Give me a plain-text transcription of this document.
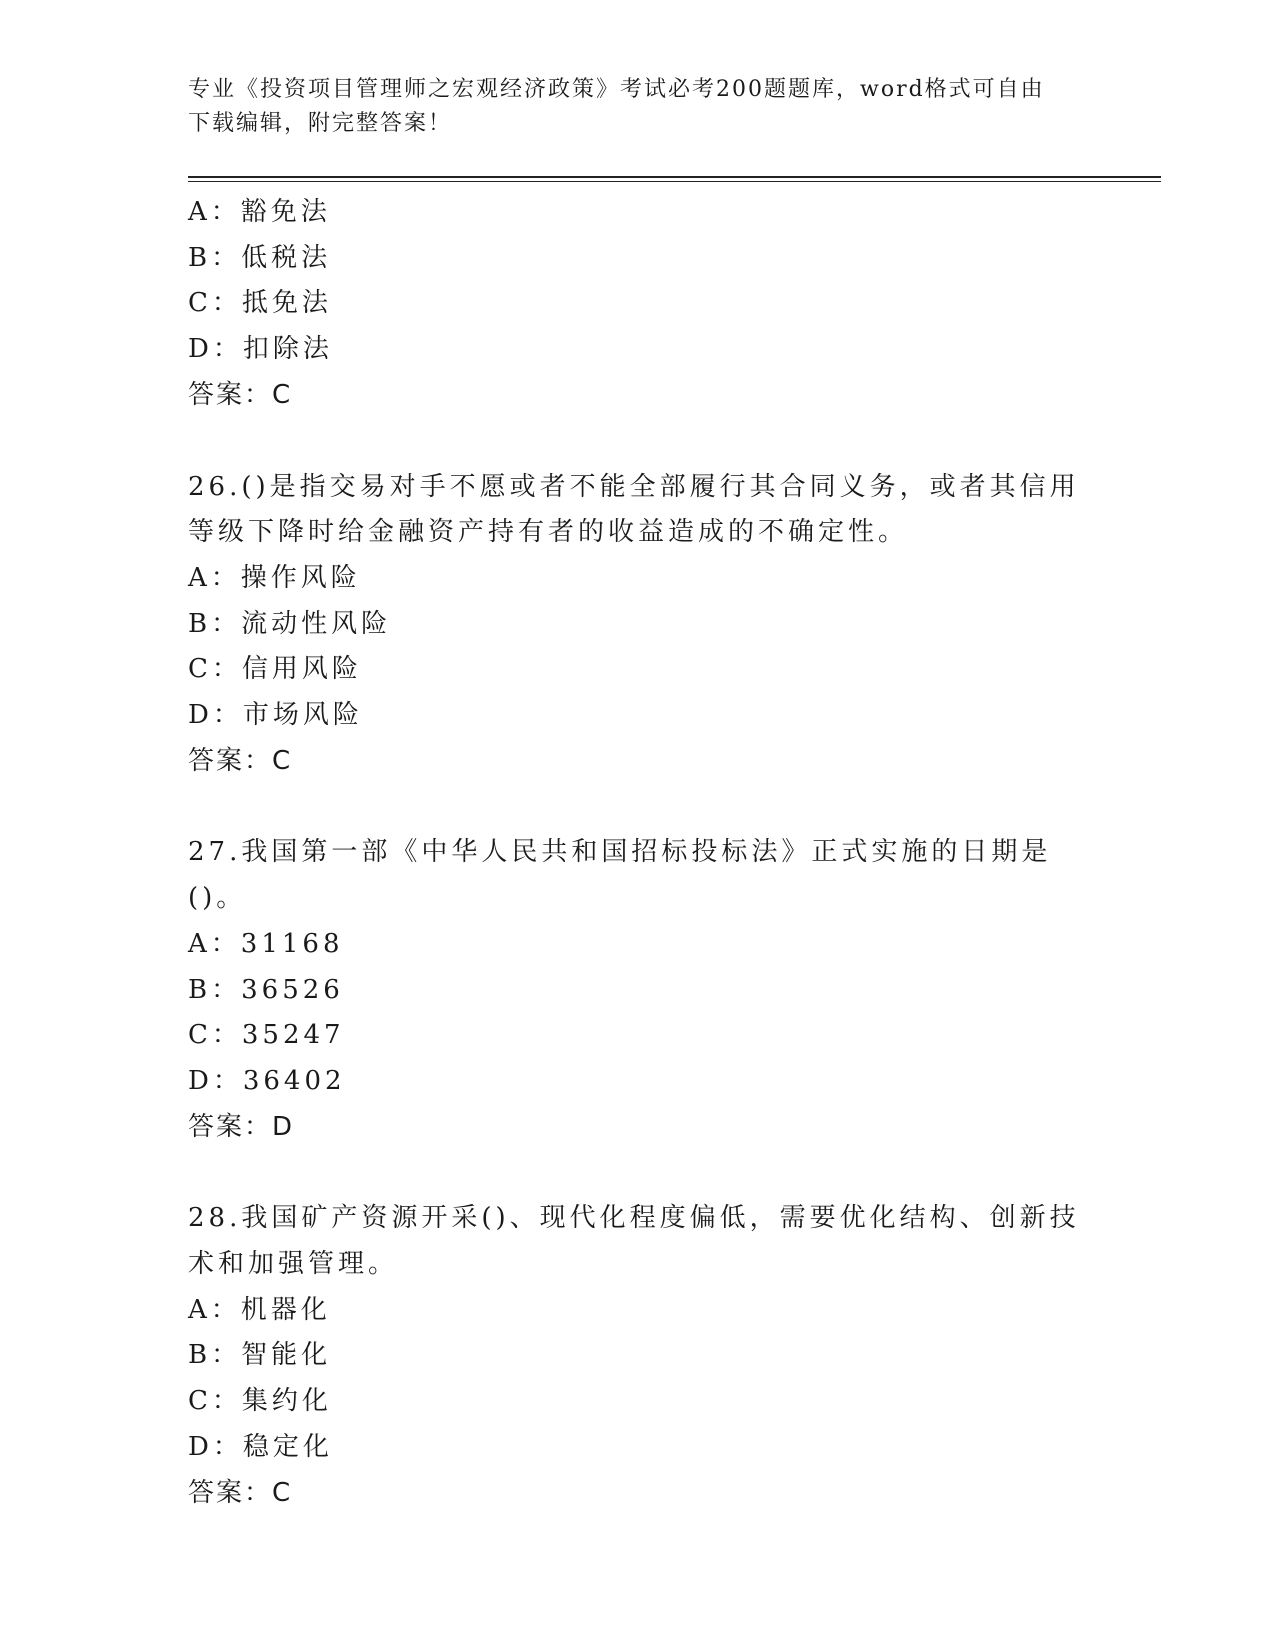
专业《投资项目管理师之宏观经济政策》考试必考200题题库，word格式可自由下载编辑，附完整答案！
A：豁免法
B：低税法
C：抵免法
D：扣除法
答案：C
26.()是指交易对手不愿或者不能全部履行其合同义务，或者其信用等级下降时给金融资产持有者的收益造成的不确定性。
A：操作风险
B：流动性风险
C：信用风险
D：市场风险
答案：C
27.我国第一部《中华人民共和国招标投标法》正式实施的日期是()。
A：31168
B：36526
C：35247
D：36402
答案：D
28.我国矿产资源开采()、现代化程度偏低，需要优化结构、创新技术和加强管理。
A：机器化
B：智能化
C：集约化
D：稳定化
答案：C
